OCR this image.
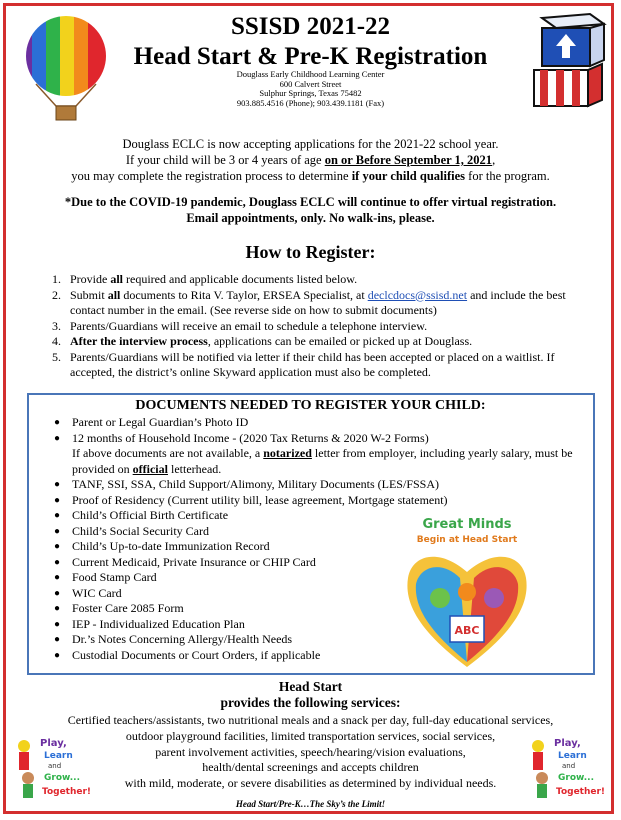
SSISD 2021-22
Head Start & Pre-K Registration
Douglass Early Childhood Learning Center
600 Calvert Street
Sulphur Springs, Texas 75482
903.885.4516 (Phone); 903.439.1181 (Fax)
Douglass ECLC is now accepting applications for the 2021-22 school year.
If your child will be 3 or 4 years of age on or Before September 1, 2021,
you may complete the registration process to determine if your child qualifies for the program.
*Due to the COVID-19 pandemic, Douglass ECLC will continue to offer virtual registration.
Email appointments, only. No walk-ins, please.
How to Register:
1. Provide all required and applicable documents listed below.
2. Submit all documents to Rita V. Taylor, ERSEA Specialist, at declcdocs@ssisd.net and include the best contact number in the email. (See reverse side on how to submit documents)
3. Parents/Guardians will receive an email to schedule a telephone interview.
4. After the interview process, applications can be emailed or picked up at Douglass.
5. Parents/Guardians will be notified via letter if their child has been accepted or placed on a waitlist. If accepted, the district’s online Skyward application must also be completed.
DOCUMENTS NEEDED TO REGISTER YOUR CHILD:
● Parent or Legal Guardian’s Photo ID
● 12 months of Household Income - (2020 Tax Returns & 2020 W-2 Forms)
If above documents are not available, a notarized letter from employer, including yearly salary, must be provided on official letterhead.
● TANF, SSI, SSA, Child Support/Alimony, Military Documents (LES/FSSA)
● Proof of Residency (Current utility bill, lease agreement, Mortgage statement)
● Child’s Official Birth Certificate
● Child’s Social Security Card
● Child’s Up-to-date Immunization Record
● Current Medicaid, Private Insurance or CHIP Card
● Food Stamp Card
● WIC Card
● Foster Care 2085 Form
● IEP - Individualized Education Plan
● Dr.’s Notes Concerning Allergy/Health Needs
● Custodial Documents or Court Orders, if applicable
Great Minds
Begin at Head Start
ABC
Head Start
provides the following services:
Certified teachers/assistants, two nutritional meals and a snack per day, full-day educational services,
outdoor playground facilities, limited transportation services, social services,
parent involvement activities, speech/hearing/vision evaluations,
health/dental screenings and accepts children
with mild, moderate, or severe disabilities as determined by individual needs.
Play,
Learn
and
Grow...
Together!
Play,
Learn
and
Grow...
Together!
Head Start/Pre-K…The Sky’s the Limit!
